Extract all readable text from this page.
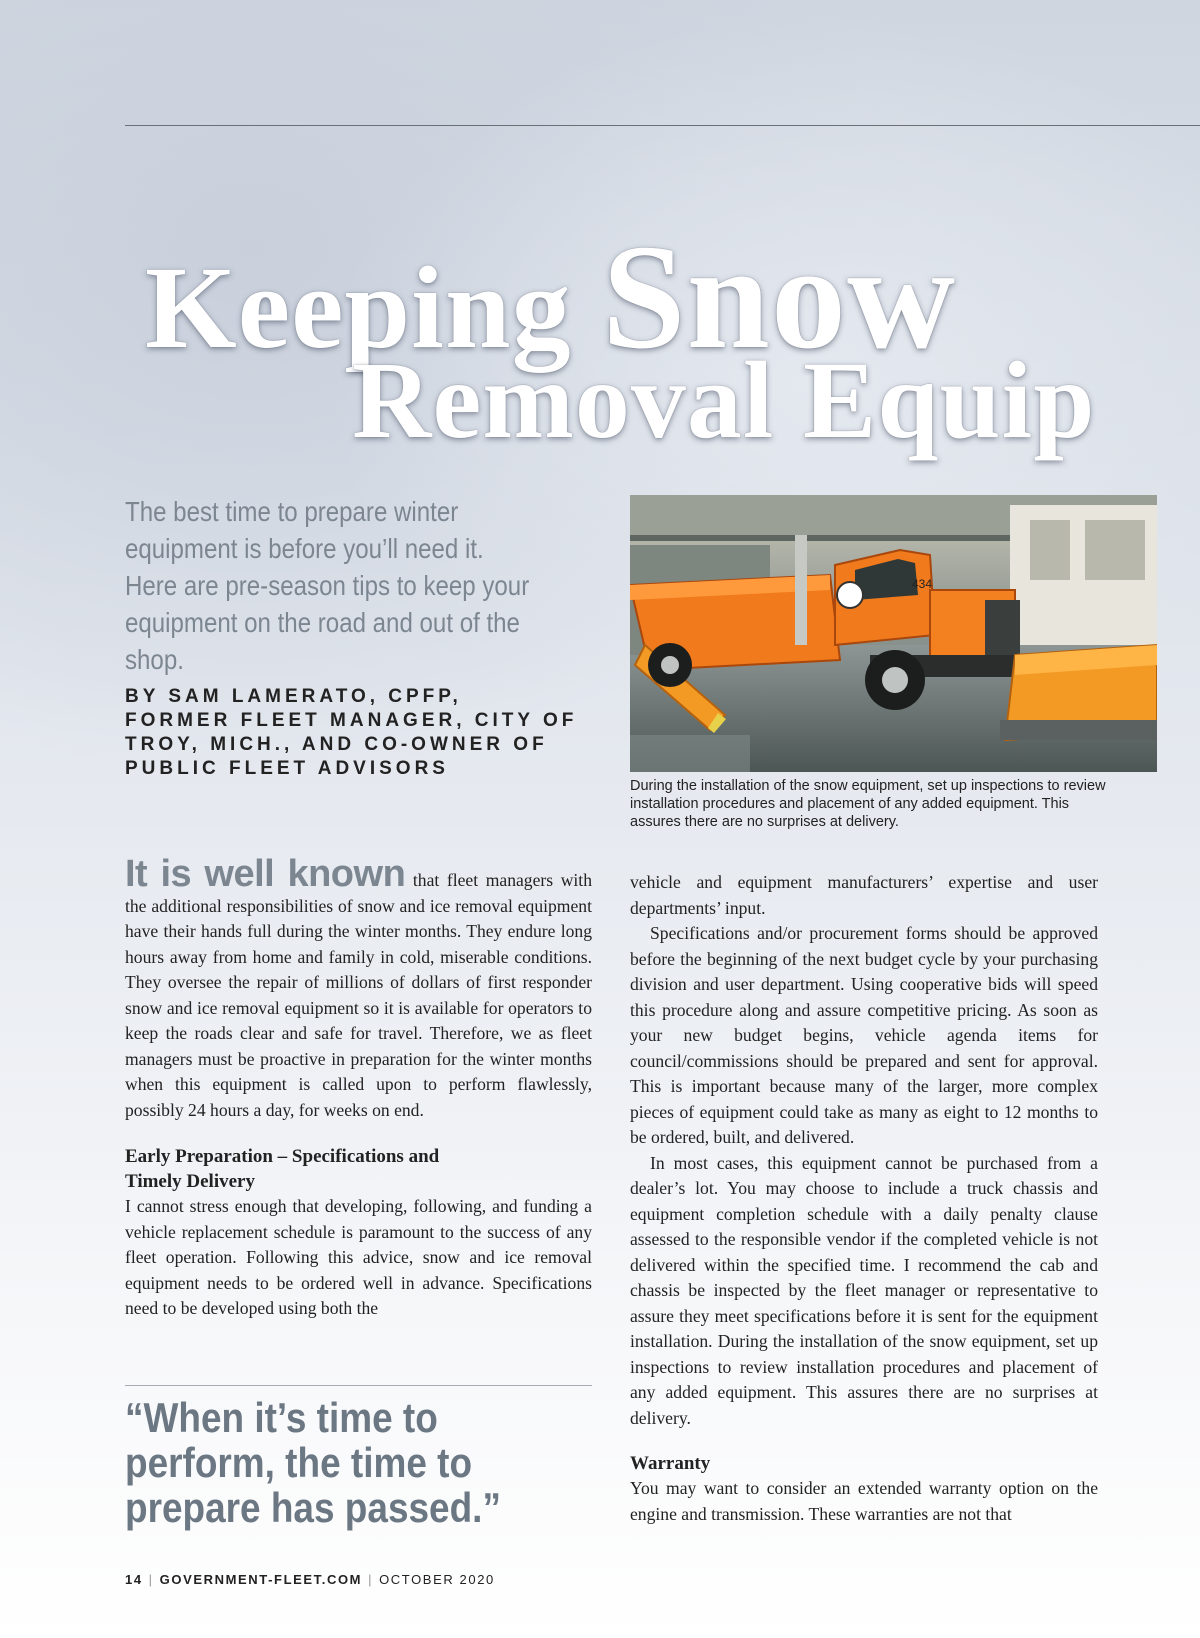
Keeping Snow
Removal Equip
The best time to prepare winter equipment is before you’ll need it. Here are pre-season tips to keep your equipment on the road and out of the shop.
BY SAM LAMERATO, CPFP,
FORMER FLEET MANAGER, CITY OF
TROY, MICH., AND CO-OWNER OF
PUBLIC FLEET ADVISORS
434
During the installation of the snow equipment, set up inspections to review installation procedures and placement of any added equipment. This assures there are no surprises at delivery.

It is well known that fleet managers with the additional responsibilities of snow and ice removal equipment have their hands full during the winter months. They endure long hours away from home and family in cold, miserable conditions. They oversee the repair of millions of dollars of first responder snow and ice removal equipment so it is available for operators to keep the roads clear and safe for travel. Therefore, we as fleet managers must be proactive in preparation for the winter months when this equipment is called upon to perform flawlessly, possibly 24 hours a day, for weeks on end.

Early Preparation – Specifications and
Timely Delivery

I cannot stress enough that developing, following, and funding a vehicle replacement schedule is paramount to the success of any fleet operation. Following this advice, snow and ice removal equipment needs to be ordered well in advance. Specifications need to be developed using both the

“When it’s time to perform, the time to prepare has passed.”

vehicle and equipment manufacturers’ expertise and user departments’ input.

Specifications and/or procurement forms should be approved before the beginning of the next budget cycle by your purchasing division and user department. Using cooperative bids will speed this procedure along and assure competitive pricing. As soon as your new budget begins, vehicle agenda items for council/commissions should be prepared and sent for approval. This is important because many of the larger, more complex pieces of equipment could take as many as eight to 12 months to be ordered, built, and delivered.

In most cases, this equipment cannot be purchased from a dealer’s lot. You may choose to include a truck chassis and equipment completion schedule with a daily penalty clause assessed to the responsible vendor if the completed vehicle is not delivered within the specified time. I recommend the cab and chassis be inspected by the fleet manager or representative to assure they meet specifications before it is sent for the equipment installation. During the installation of the snow equipment, set up inspections to review installation procedures and placement of any added equipment. This assures there are no surprises at delivery.

Warranty

You may want to consider an extended warranty option on the engine and transmission. These warranties are not that

14 | GOVERNMENT-FLEET.COM | OCTOBER 2020
